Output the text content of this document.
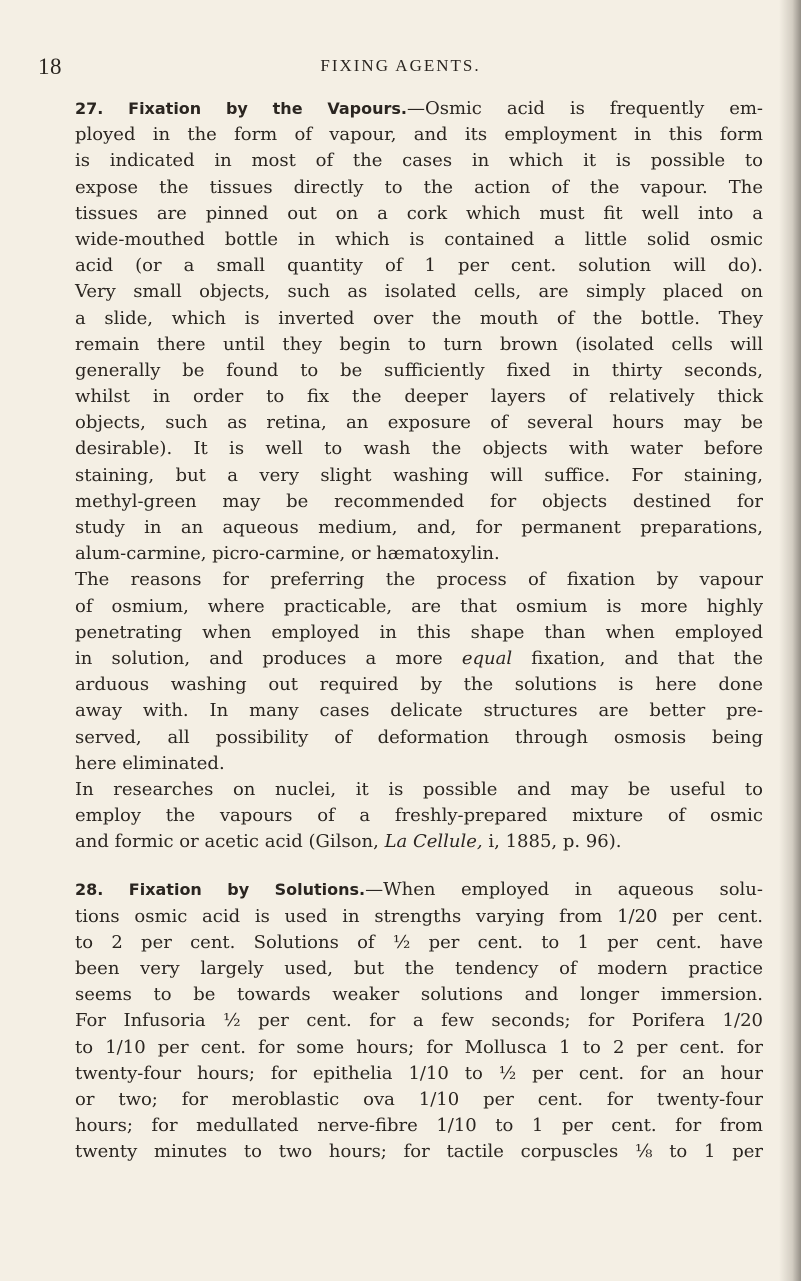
18	FIXING AGENTS.
27. Fixation by the Vapours.—Osmic acid is frequently em-
ployed in the form of vapour, and its employment in this form
is indicated in most of the cases in which it is possible to
expose the tissues directly to the action of the vapour. The
tissues are pinned out on a cork which must fit well into a
wide-mouthed bottle in which is contained a little solid osmic
acid (or a small quantity of 1 per cent. solution will do).
Very small objects, such as isolated cells, are simply placed on
a slide, which is inverted over the mouth of the bottle. They
remain there until they begin to turn brown (isolated cells will
generally be found to be sufficiently fixed in thirty seconds,
whilst in order to fix the deeper layers of relatively thick
objects, such as retina, an exposure of several hours may be
desirable). It is well to wash the objects with water before
staining, but a very slight washing will suffice. For staining,
methyl-green may be recommended for objects destined for
study in an aqueous medium, and, for permanent preparations,
alum-carmine, picro-carmine, or hæmatoxylin.
The reasons for preferring the process of fixation by vapour
of osmium, where practicable, are that osmium is more highly
penetrating when employed in this shape than when employed
in solution, and produces a more equal fixation, and that the
arduous washing out required by the solutions is here done
away with. In many cases delicate structures are better pre-
served, all possibility of deformation through osmosis being
here eliminated.
In researches on nuclei, it is possible and may be useful to
employ the vapours of a freshly-prepared mixture of osmic
and formic or acetic acid (Gilson, La Cellule, i, 1885, p. 96).
28. Fixation by Solutions.—When employed in aqueous solu-
tions osmic acid is used in strengths varying from 1/20 per cent.
to 2 per cent. Solutions of ½ per cent. to 1 per cent. have
been very largely used, but the tendency of modern practice
seems to be towards weaker solutions and longer immersion.
For Infusoria ½ per cent. for a few seconds; for Porifera 1/20
to 1/10 per cent. for some hours; for Mollusca 1 to 2 per cent. for
twenty-four hours; for epithelia 1/10 to ½ per cent. for an hour
or two; for meroblastic ova 1/10 per cent. for twenty-four
hours; for medullated nerve-fibre 1/10 to 1 per cent. for from
twenty minutes to two hours; for tactile corpuscles ⅛ to 1 per
